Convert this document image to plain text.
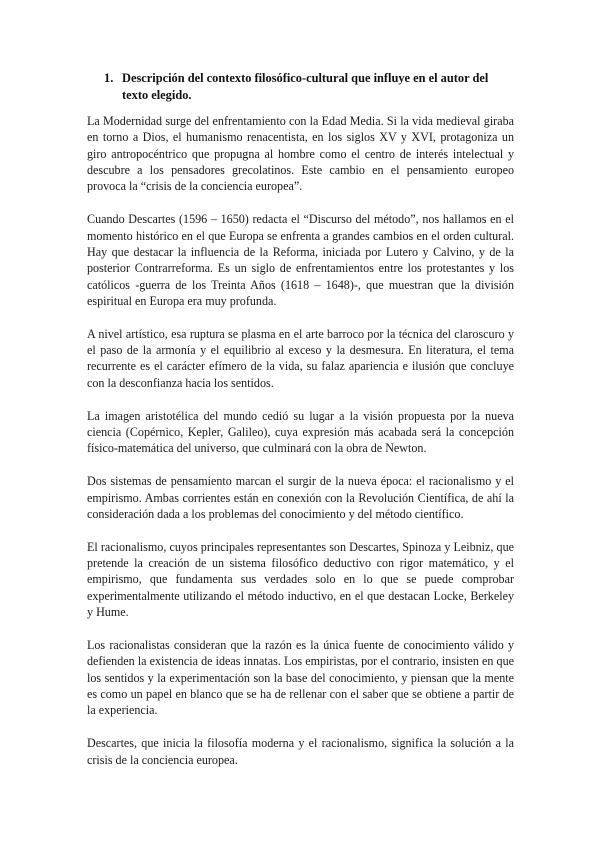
1. Descripción del contexto filosófico-cultural que influye en el autor del texto elegido.

La Modernidad surge del enfrentamiento con la Edad Media. Si la vida medieval giraba en torno a Dios, el humanismo renacentista, en los siglos XV y XVI, protagoniza un giro antropocéntrico que propugna al hombre como el centro de interés intelectual y descubre a los pensadores grecolatinos. Este cambio en el pensamiento europeo provoca la “crisis de la conciencia europea”.

Cuando Descartes (1596 – 1650) redacta el “Discurso del método”, nos hallamos en el momento histórico en el que Europa se enfrenta a grandes cambios en el orden cultural. Hay que destacar la influencia de la Reforma, iniciada por Lutero y Calvino, y de la posterior Contrarreforma. Es un siglo de enfrentamientos entre los protestantes y los católicos -guerra de los Treinta Años (1618 – 1648)-, que muestran que la división espiritual en Europa era muy profunda.

A nivel artístico, esa ruptura se plasma en el arte barroco por la técnica del claroscuro y el paso de la armonía y el equilibrio al exceso y la desmesura. En literatura, el tema recurrente es el carácter efímero de la vida, su falaz apariencia e ilusión que concluye con la desconfianza hacia los sentidos.

La imagen aristotélica del mundo cedió su lugar a la visión propuesta por la nueva ciencia (Copérnico, Kepler, Galileo), cuya expresión más acabada será la concepción físico-matemática del universo, que culminará con la obra de Newton.

Dos sistemas de pensamiento marcan el surgir de la nueva época: el racionalismo y el empirismo. Ambas corrientes están en conexión con la Revolución Científica, de ahí la consideración dada a los problemas del conocimiento y del método científico.

El racionalismo, cuyos principales representantes son Descartes, Spinoza y Leibniz, que pretende la creación de un sistema filosófico deductivo con rigor matemático, y el empirismo, que fundamenta sus verdades solo en lo que se puede comprobar experimentalmente utilizando el método inductivo, en el que destacan Locke, Berkeley y Hume.

Los racionalistas consideran que la razón es la única fuente de conocimiento válido y defienden la existencia de ideas innatas. Los empiristas, por el contrario, insisten en que los sentidos y la experimentación son la base del conocimiento, y piensan que la mente es como un papel en blanco que se ha de rellenar con el saber que se obtiene a partir de la experiencia.

Descartes, que inicia la filosofía moderna y el racionalismo, significa la solución a la crisis de la conciencia europea.
